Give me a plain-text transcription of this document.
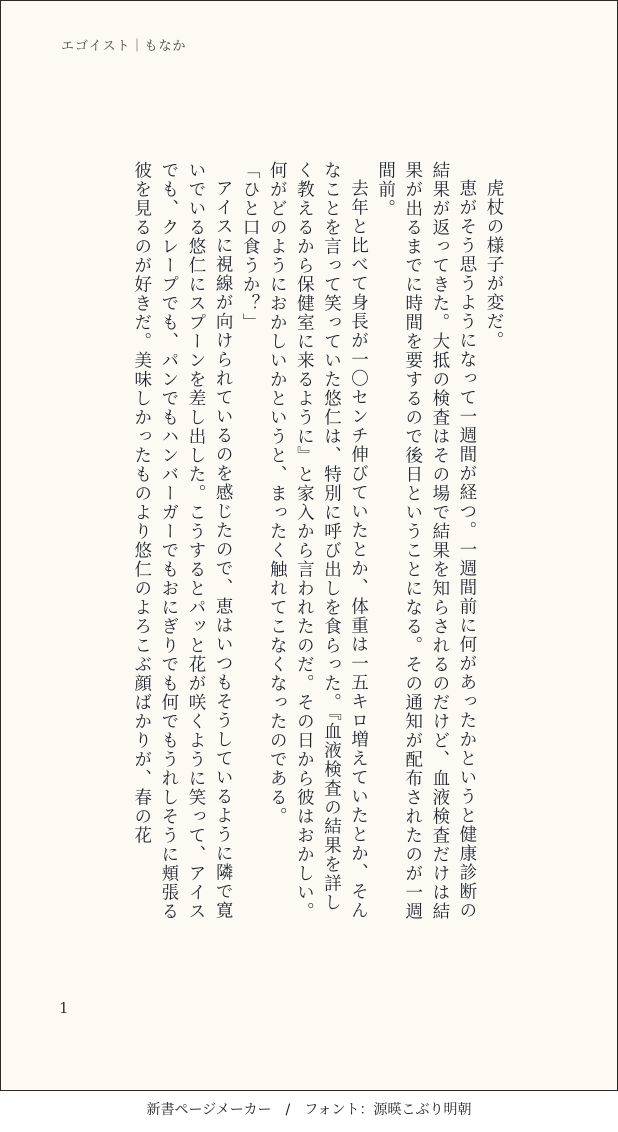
エゴイスト｜もなか

虎杖の様子が変だ。

恵がそう思うようになって一週間が経つ。一週間前に何があったかというと健康診断の結果が返ってきた。大抵の検査はその場で結果を知らされるのだけど、血液検査だけは結果が出るまでに時間を要するので後日ということになる。その通知が配布されたのが一週間前。

去年と比べて身長が一〇センチ伸びていたとか、体重は一五キロ増えていたとか、そんなことを言って笑っていた悠仁は、特別に呼び出しを食らった。『血液検査の結果を詳しく教えるから保健室に来るように』と家入から言われたのだ。その日から彼はおかしい。何がどのようにおかしいかというと、まったく触れてこなくなったのである。

「ひと口食うか？」

アイスに視線が向けられているのを感じたので、恵はいつもそうしているように隣で寛いでいる悠仁にスプーンを差し出した。こうするとパッと花が咲くように笑って、アイスでも、クレープでも、パンでもハンバーガーでもおにぎりでも何でもうれしそうに頬張る彼を見るのが好きだ。美味しかったものより悠仁のよろこぶ顔ばかりが、春の花

1
新書ページメーカー　/　フォント：源暎こぶり明朝
